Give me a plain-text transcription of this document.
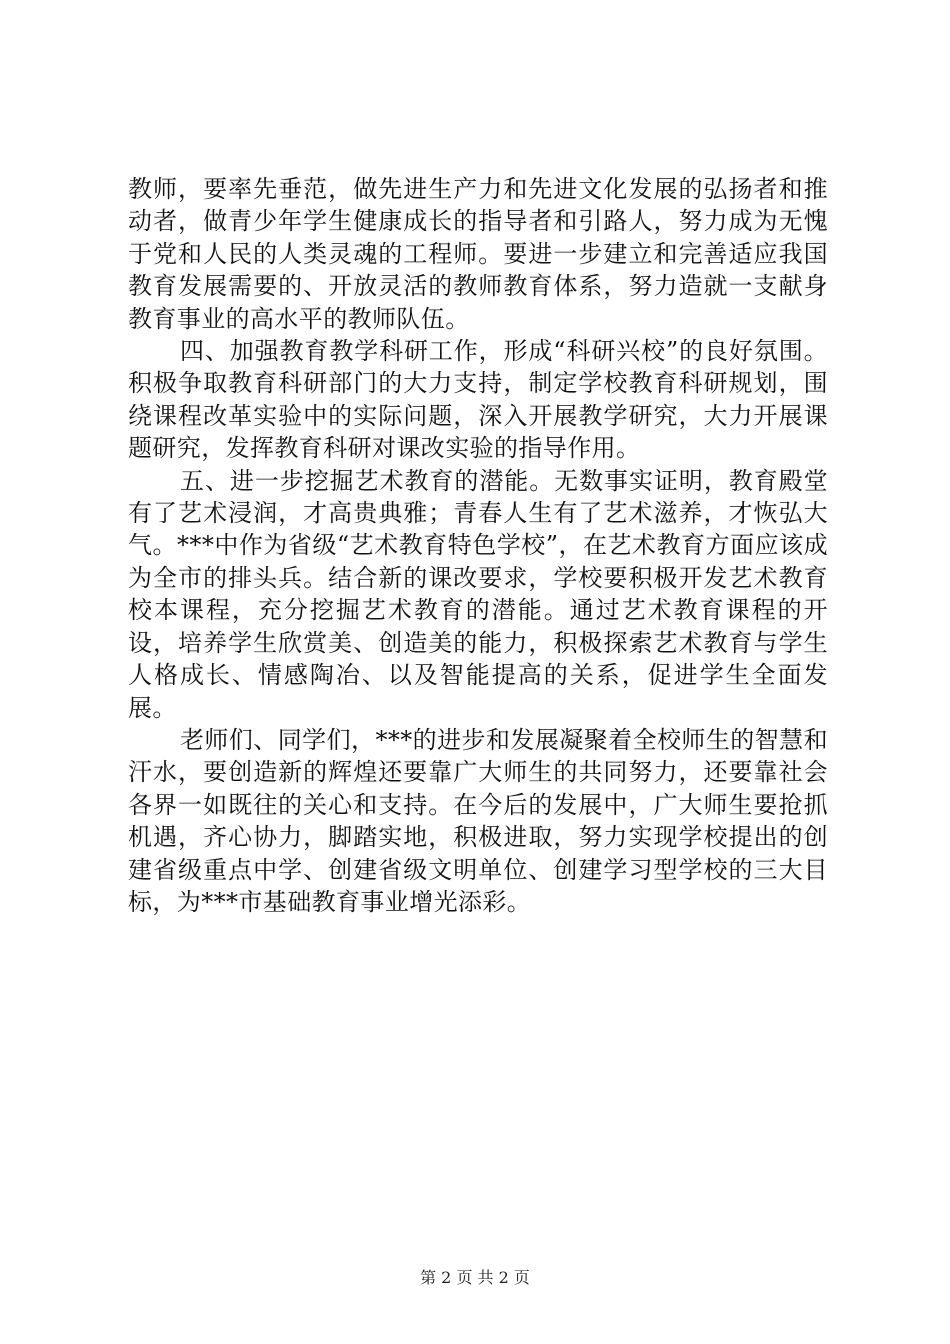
教师，要率先垂范，做先进生产力和先进文化发展的弘扬者和推动者，做青少年学生健康成长的指导者和引路人，努力成为无愧于党和人民的人类灵魂的工程师。要进一步建立和完善适应我国教育发展需要的、开放灵活的教师教育体系，努力造就一支献身教育事业的高水平的教师队伍。

四、加强教育教学科研工作，形成“科研兴校”的良好氛围。积极争取教育科研部门的大力支持，制定学校教育科研规划，围绕课程改革实验中的实际问题，深入开展教学研究，大力开展课题研究，发挥教育科研对课改实验的指导作用。

五、进一步挖掘艺术教育的潜能。无数事实证明，教育殿堂有了艺术浸润，才高贵典雅；青春人生有了艺术滋养，才恢弘大气。***中作为省级“艺术教育特色学校”，在艺术教育方面应该成为全市的排头兵。结合新的课改要求，学校要积极开发艺术教育校本课程，充分挖掘艺术教育的潜能。通过艺术教育课程的开设，培养学生欣赏美、创造美的能力，积极探索艺术教育与学生人格成长、情感陶冶、以及智能提高的关系，促进学生全面发展。

老师们、同学们，***的进步和发展凝聚着全校师生的智慧和汗水，要创造新的辉煌还要靠广大师生的共同努力，还要靠社会各界一如既往的关心和支持。在今后的发展中，广大师生要抢抓机遇，齐心协力，脚踏实地，积极进取，努力实现学校提出的创建省级重点中学、创建省级文明单位、创建学习型学校的三大目标，为***市基础教育事业增光添彩。

第 2 页 共 2 页
